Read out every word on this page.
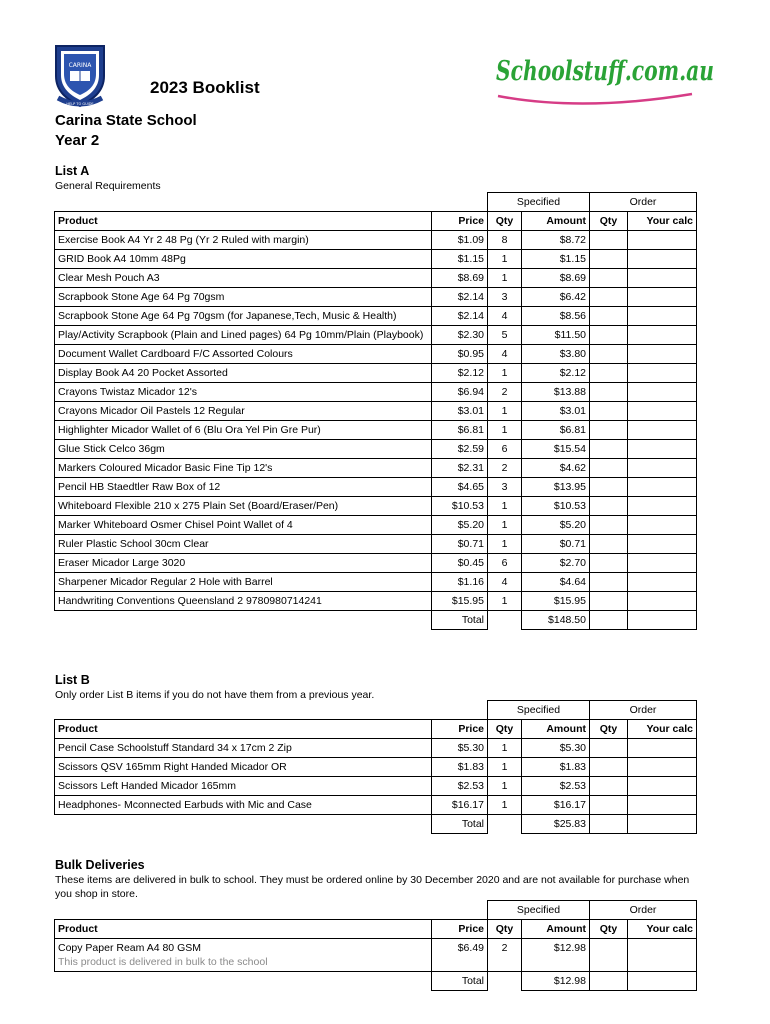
CARINA
HELP TO GUIDE
Schoolstuff.com.au
2023 Booklist
Carina State School
Year 2
List A
General Requirements
		Specified		Order	
Product	Price	Qty	Amount	Qty	Your calc
Exercise Book A4 Yr 2 48 Pg (Yr 2 Ruled with margin)	$1.09	8	$8.72		
GRID Book A4 10mm 48Pg	$1.15	1	$1.15		
Clear Mesh Pouch A3	$8.69	1	$8.69		
Scrapbook Stone Age 64 Pg 70gsm	$2.14	3	$6.42		
Scrapbook Stone Age 64 Pg 70gsm (for Japanese,Tech, Music & Health)	$2.14	4	$8.56		
Play/Activity Scrapbook (Plain and Lined pages) 64 Pg 10mm/Plain (Playbook)	$2.30	5	$11.50		
Document Wallet Cardboard F/C Assorted Colours	$0.95	4	$3.80		
Display Book A4 20 Pocket Assorted	$2.12	1	$2.12		
Crayons Twistaz Micador 12's	$6.94	2	$13.88		
Crayons Micador Oil Pastels 12 Regular	$3.01	1	$3.01		
Highlighter Micador Wallet of 6 (Blu Ora Yel Pin Gre Pur)	$6.81	1	$6.81		
Glue Stick Celco 36gm	$2.59	6	$15.54		
Markers Coloured Micador Basic Fine Tip 12's	$2.31	2	$4.62		
Pencil HB Staedtler Raw Box of 12	$4.65	3	$13.95		
Whiteboard Flexible 210 x 275 Plain Set (Board/Eraser/Pen)	$10.53	1	$10.53		
Marker Whiteboard Osmer Chisel Point Wallet of 4	$5.20	1	$5.20		
Ruler Plastic School 30cm Clear	$0.71	1	$0.71		
Eraser Micador Large 3020	$0.45	6	$2.70		
Sharpener Micador Regular 2 Hole with Barrel	$1.16	4	$4.64		
Handwriting Conventions Queensland 2 9780980714241	$15.95	1	$15.95		
	Total		$148.50		
List B
Only order List B items if you do not have them from a previous year.
		Specified		Order	
Product	Price	Qty	Amount	Qty	Your calc
Pencil Case Schoolstuff Standard 34 x 17cm 2 Zip	$5.30	1	$5.30		
Scissors QSV 165mm Right Handed Micador OR	$1.83	1	$1.83		
Scissors Left Handed Micador 165mm	$2.53	1	$2.53		
Headphones- Mconnected Earbuds with Mic and Case	$16.17	1	$16.17		
	Total		$25.83		
Bulk Deliveries
These items are delivered in bulk to school. They must be ordered online by 30 December 2020 and are not available for purchase when you shop in store.
		Specified		Order	
Product	Price	Qty	Amount	Qty	Your calc
Copy Paper Ream A4 80 GSM
This product is delivered in bulk to the school	$6.49	2	$12.98		
	Total		$12.98		
